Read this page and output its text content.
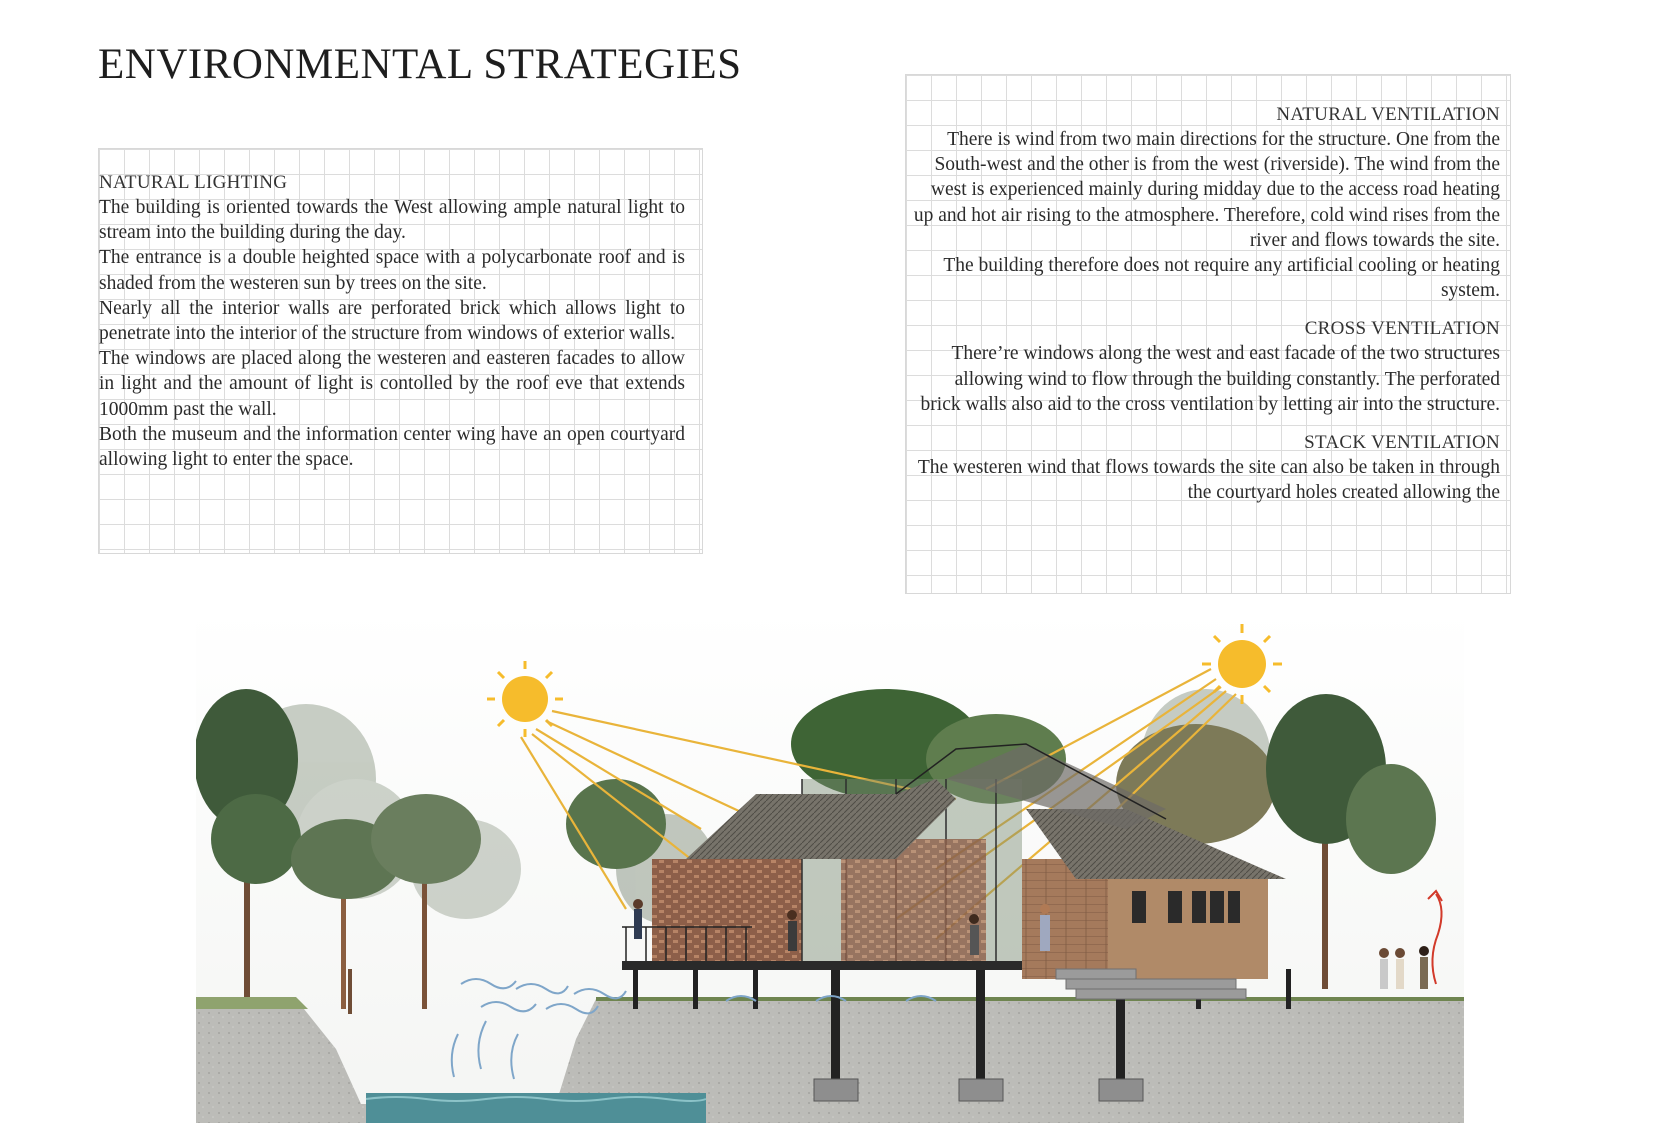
ENVIRONMENTAL STRATEGIES

NATURAL LIGHTING

The building is oriented towards the West allowing ample natural light to stream into the building during the day.

The entrance is a double heighted space with a polycarbonate roof and is shaded from the westeren sun by trees on the site.

Nearly all the interior walls are perforated brick which allows light to penetrate into the interior of the structure from windows of exterior walls.

The windows are placed along the westeren and easteren facades to allow in light and the amount of light is contolled by the roof eve that extends 1000mm past the wall.

Both the museum and the information center wing have an open courtyard allowing light to enter the space.

NATURAL VENTILATION

There is wind from two main directions for the structure. One from the South-west and the other is from the west (riverside). The wind from the west is experienced mainly during midday due to the access road heating up and hot air rising to the atmosphere. Therefore, cold wind rises from the river and flows towards the site.

The building therefore does not require any artificial cooling or heating system.

CROSS VENTILATION

There’re windows along the west and east facade of the two structures allowing wind to flow through the building constantly. The perforated brick walls also aid to the cross ventilation by letting air into the structure.

STACK VENTILATION

The westeren wind that flows towards the site can also be taken in through the courtyard holes created allowing the
